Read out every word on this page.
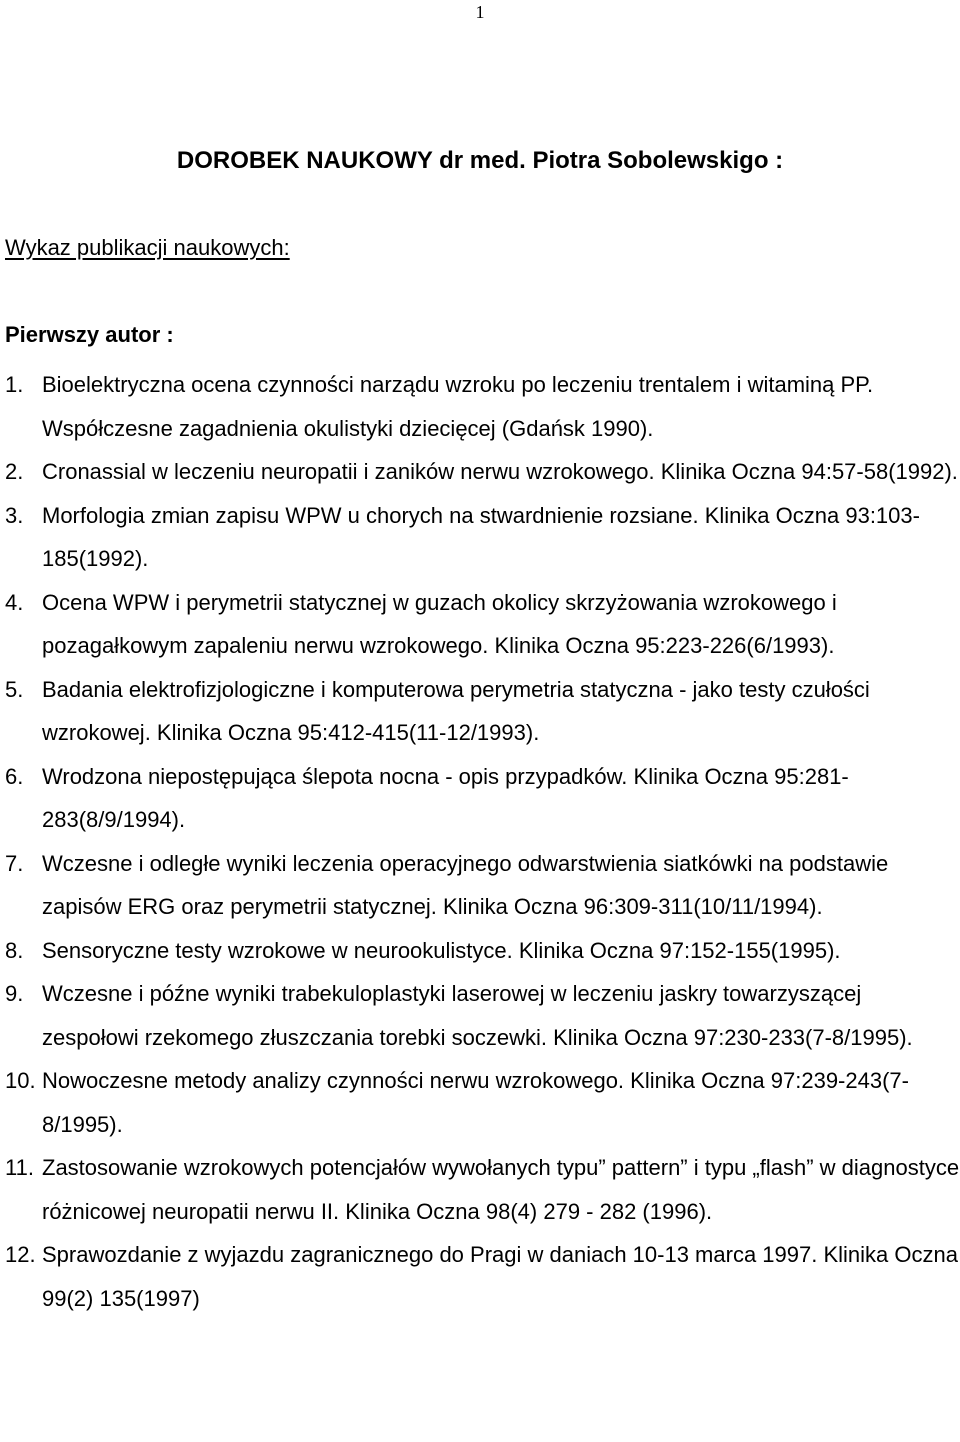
1
DOROBEK NAUKOWY dr med. Piotra Sobolewskigo :
Wykaz publikacji naukowych:
Pierwszy autor :
1. Bioelektryczna ocena czynności narządu wzroku po leczeniu trentalem i witaminą PP. Współczesne zagadnienia okulistyki dziecięcej (Gdańsk 1990).
2. Cronassial w leczeniu neuropatii i zaników nerwu wzrokowego. Klinika Oczna 94:57-58(1992).
3. Morfologia zmian zapisu WPW u chorych na stwardnienie rozsiane. Klinika Oczna 93:103-185(1992).
4. Ocena WPW i perymetrii statycznej w guzach okolicy skrzyżowania wzrokowego i pozagałkowym zapaleniu nerwu wzrokowego. Klinika Oczna 95:223-226(6/1993).
5. Badania elektrofizjologiczne i komputerowa perymetria statyczna - jako testy czułości wzrokowej. Klinika Oczna 95:412-415(11-12/1993).
6. Wrodzona niepostępująca ślepota nocna - opis przypadków. Klinika Oczna 95:281-283(8/9/1994).
7. Wczesne i odległe wyniki leczenia operacyjnego odwarstwienia siatkówki na podstawie zapisów ERG oraz perymetrii statycznej. Klinika Oczna 96:309-311(10/11/1994).
8. Sensoryczne testy wzrokowe w neurookulistyce. Klinika Oczna 97:152-155(1995).
9. Wczesne i późne wyniki trabekuloplastyki laserowej w leczeniu jaskry towarzyszącej zespołowi rzekomego złuszczania torebki soczewki. Klinika Oczna 97:230-233(7-8/1995).
10. Nowoczesne metody analizy czynności nerwu wzrokowego. Klinika Oczna 97:239-243(7-8/1995).
11. Zastosowanie wzrokowych potencjałów wywołanych typu” pattern” i typu „flash” w diagnostyce różnicowej neuropatii nerwu II. Klinika Oczna 98(4) 279 - 282 (1996).
12. Sprawozdanie z wyjazdu zagranicznego do Pragi w daniach 10-13 marca 1997. Klinika Oczna 99(2) 135(1997)
